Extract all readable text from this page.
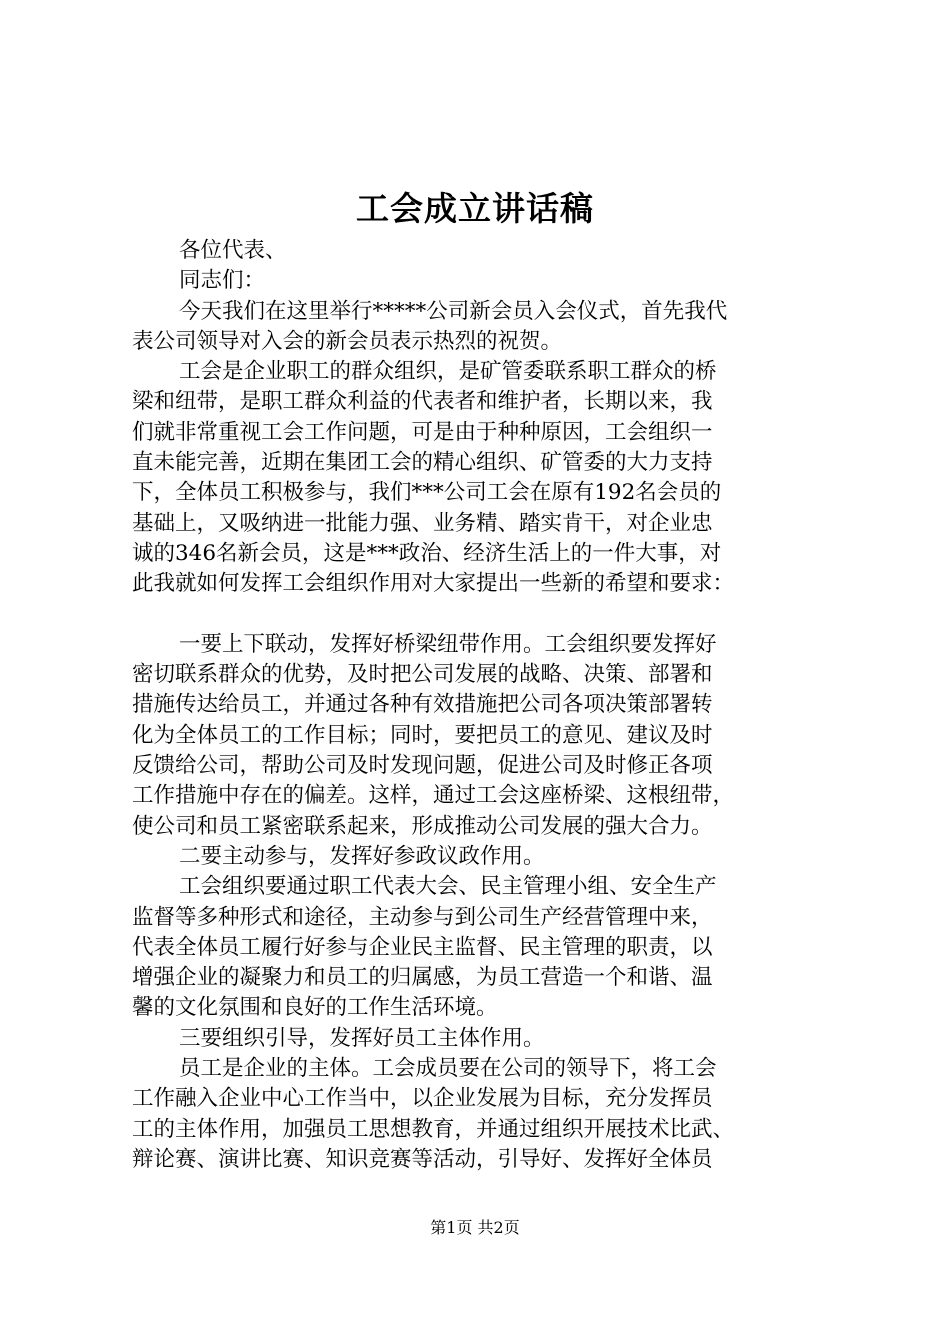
工会成立讲话稿
各位代表、
同志们：
今天我们在这里举行*****公司新会员入会仪式，首先我代
表公司领导对入会的新会员表示热烈的祝贺。
工会是企业职工的群众组织，是矿管委联系职工群众的桥
梁和纽带，是职工群众利益的代表者和维护者，长期以来，我
们就非常重视工会工作问题，可是由于种种原因，工会组织一
直未能完善，近期在集团工会的精心组织、矿管委的大力支持
下，全体员工积极参与，我们***公司工会在原有192名会员的
基础上，又吸纳进一批能力强、业务精、踏实肯干，对企业忠
诚的346名新会员，这是***政治、经济生活上的一件大事，对
此我就如何发挥工会组织作用对大家提出一些新的希望和要求：
一要上下联动，发挥好桥梁纽带作用。工会组织要发挥好
密切联系群众的优势，及时把公司发展的战略、决策、部署和
措施传达给员工，并通过各种有效措施把公司各项决策部署转
化为全体员工的工作目标；同时，要把员工的意见、建议及时
反馈给公司，帮助公司及时发现问题，促进公司及时修正各项
工作措施中存在的偏差。这样，通过工会这座桥梁、这根纽带，
使公司和员工紧密联系起来，形成推动公司发展的强大合力。
二要主动参与，发挥好参政议政作用。
工会组织要通过职工代表大会、民主管理小组、安全生产
监督等多种形式和途径，主动参与到公司生产经营管理中来，
代表全体员工履行好参与企业民主监督、民主管理的职责，以
增强企业的凝聚力和员工的归属感，为员工营造一个和谐、温
馨的文化氛围和良好的工作生活环境。
三要组织引导，发挥好员工主体作用。
员工是企业的主体。工会成员要在公司的领导下，将工会
工作融入企业中心工作当中，以企业发展为目标，充分发挥员
工的主体作用，加强员工思想教育，并通过组织开展技术比武、
辩论赛、演讲比赛、知识竞赛等活动，引导好、发挥好全体员
第1页 共2页
